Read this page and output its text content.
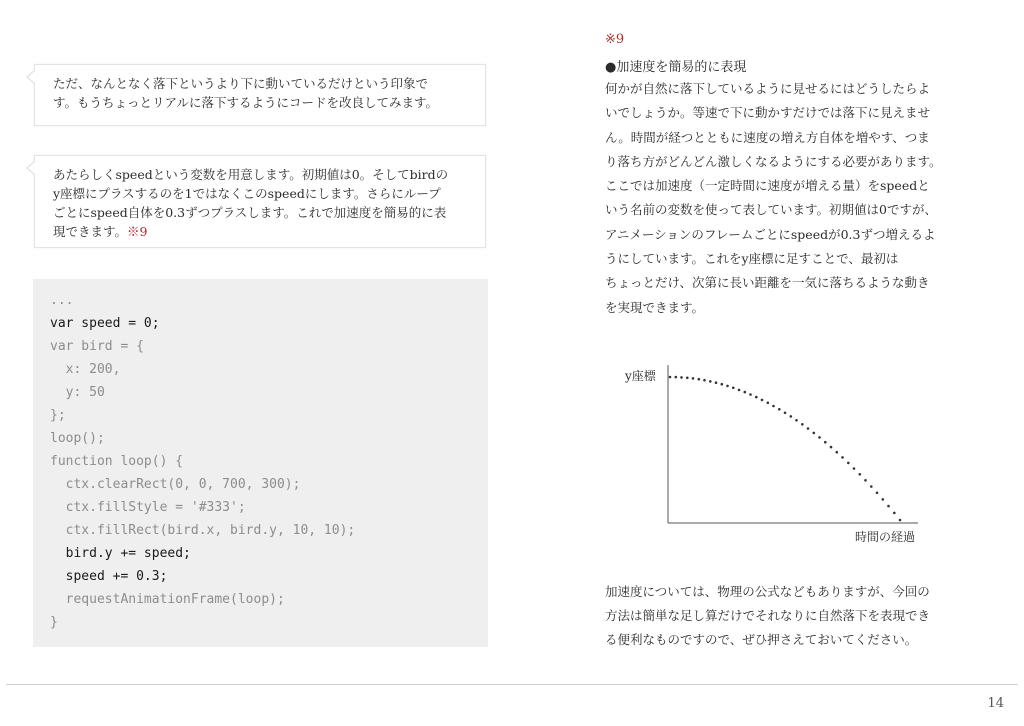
ただ、なんとなく落下というより下に動いているだけという印象で
す。もうちょっとリアルに落下するようにコードを改良してみます。
あたらしくspeedという変数を用意します。初期値は0。そしてbirdの
y座標にプラスするのを1ではなくこのspeedにします。さらにループ
ごとにspeed自体を0.3ずつプラスします。これで加速度を簡易的に表
現できます。※9
...
var speed = 0;
var bird = {
x: 200,
y: 50
};
loop();
function loop() {
ctx.clearRect(0, 0, 700, 300);
ctx.fillStyle = '#333';
ctx.fillRect(bird.x, bird.y, 10, 10);
bird.y += speed;
speed += 0.3;
requestAnimationFrame(loop);
}
※9
●加速度を簡易的に表現
何かが自然に落下しているように見せるにはどうしたらよ
いでしょうか。等速で下に動かすだけでは落下に見えませ
ん。時間が経つとともに速度の増え方自体を増やす、つま
り落ち方がどんどん激しくなるようにする必要があります。
ここでは加速度（一定時間に速度が増える量）をspeedと
いう名前の変数を使って表しています。初期値は0ですが、
アニメーションのフレームごとにspeedが0.3ずつ増えるよ
うにしています。これをy座標に足すことで、最初は
ちょっとだけ、次第に長い距離を一気に落ちるような動き
を実現できます。
y座標
時間の経過
加速度については、物理の公式などもありますが、今回の
方法は簡単な足し算だけでそれなりに自然落下を表現でき
る便利なものですので、ぜひ押さえておいてください。
14
